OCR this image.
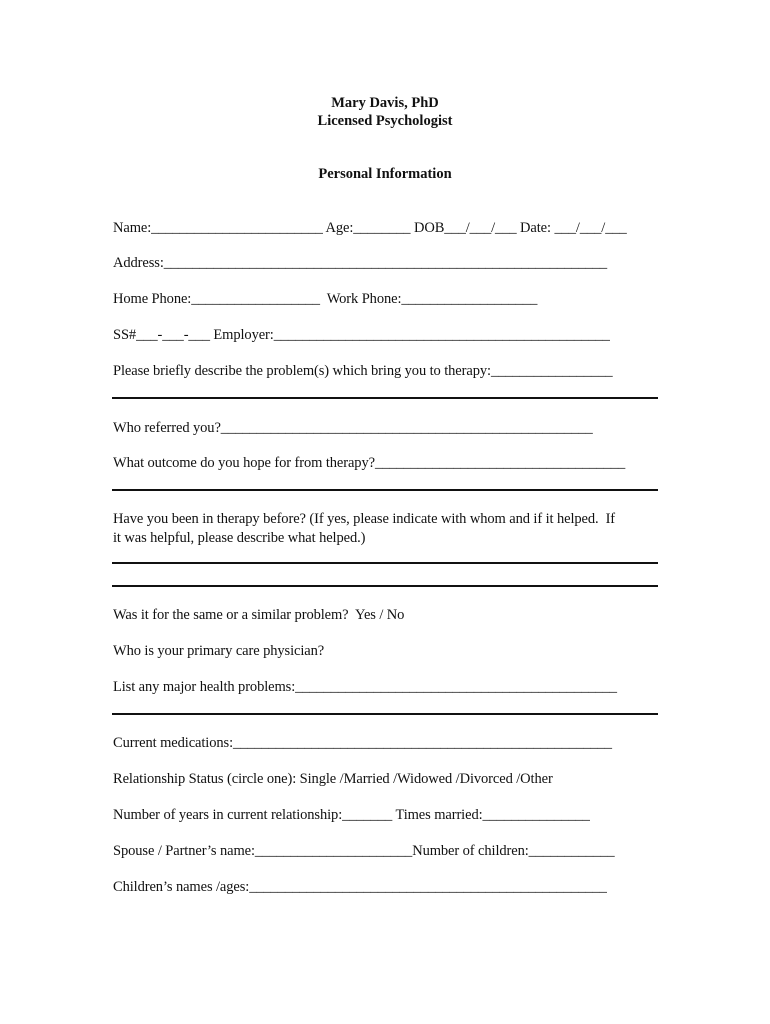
Mary Davis, PhD
Licensed Psychologist
Personal Information
Name:________________________ Age:________ DOB___/___/___ Date: ___/___/___
Address:______________________________________________________________
Home Phone:__________________  Work Phone:___________________
SS#___-___-___ Employer:_______________________________________________
Please briefly describe the problem(s) which bring you to therapy:_________________
Who referred you?____________________________________________________
What outcome do you hope for from therapy?___________________________________
Have you been in therapy before? (If yes, please indicate with whom and if it helped.  If
it was helpful, please describe what helped.)
Was it for the same or a similar problem?  Yes / No
Who is your primary care physician?
List any major health problems:_____________________________________________
Current medications:_____________________________________________________
Relationship Status (circle one): Single /Married /Widowed /Divorced /Other
Number of years in current relationship:_______ Times married:_______________
Spouse / Partner’s name:______________________Number of children:____________
Children’s names /ages:__________________________________________________
